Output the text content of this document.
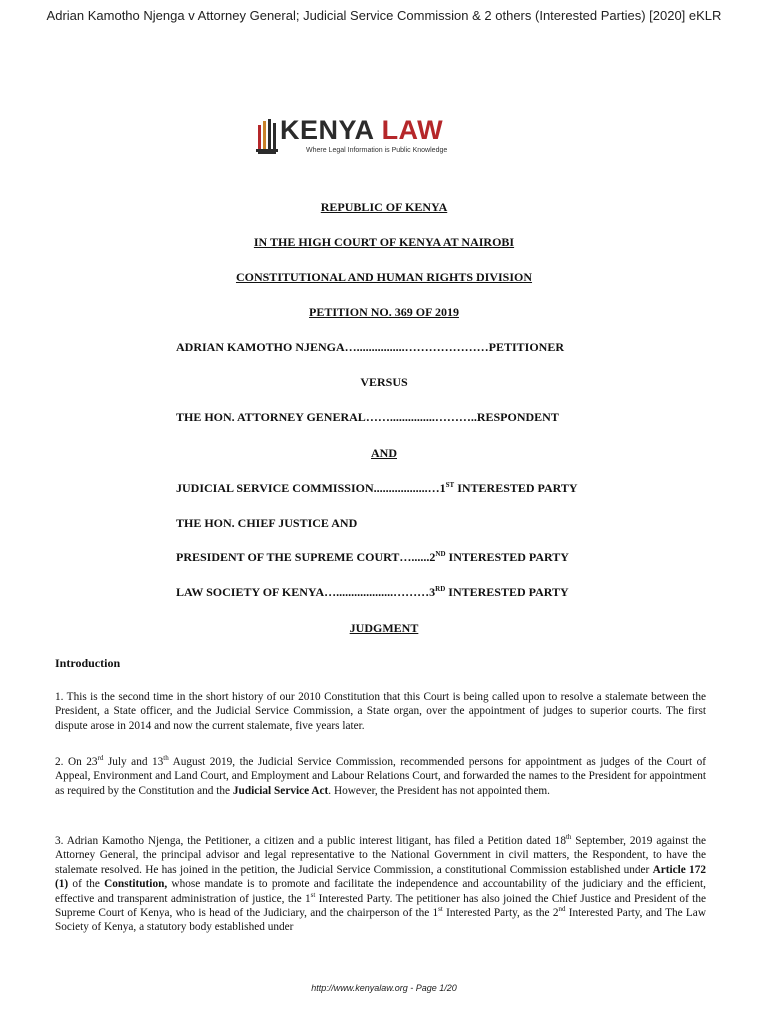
Adrian Kamotho Njenga v Attorney General; Judicial Service Commission & 2 others (Interested Parties) [2020] eKLR
KENYA LAW
Where Legal Information is Public Knowledge
REPUBLIC OF KENYA
IN THE HIGH COURT OF KENYA AT NAIROBI
CONSTITUTIONAL AND HUMAN RIGHTS DIVISION
PETITION NO. 369 OF 2019
ADRIAN KAMOTHO NJENGA…................…………………PETITIONER
VERSUS
THE HON. ATTORNEY GENERAL……...............………..RESPONDENT
AND
JUDICIAL SERVICE COMMISSION..................…1ST INTERESTED PARTY
THE HON. CHIEF JUSTICE AND
PRESIDENT OF THE SUPREME COURT…......2ND INTERESTED PARTY
LAW SOCIETY OF KENYA…...................………3RD INTERESTED PARTY
JUDGMENT
Introduction

1. This is the second time in the short history of our 2010 Constitution that this Court is being called upon to resolve a stalemate between the President, a State officer, and the Judicial Service Commission, a State organ, over the appointment of judges to superior courts. The first dispute arose in 2014 and now the current stalemate, five years later.

2. On 23rd July and 13th August 2019, the Judicial Service Commission, recommended persons for appointment as judges of the Court of Appeal, Environment and Land Court, and Employment and Labour Relations Court, and forwarded the names to the President for appointment as required by the Constitution and the Judicial Service Act. However, the President has not appointed them.

3. Adrian Kamotho Njenga, the Petitioner, a citizen and a public interest litigant, has filed a Petition dated 18th September, 2019 against the Attorney General, the principal advisor and legal representative to the National Government in civil matters, the Respondent, to have the stalemate resolved. He has joined in the petition, the Judicial Service Commission, a constitutional Commission established under Article 172 (1) of the Constitution, whose mandate is to promote and facilitate the independence and accountability of the judiciary and the efficient, effective and transparent administration of justice, the 1st Interested Party. The petitioner has also joined the Chief Justice and President of the Supreme Court of Kenya, who is head of the Judiciary, and the chairperson of the 1st Interested Party, as the 2nd Interested Party, and The Law Society of Kenya, a statutory body established under

http://www.kenyalaw.org - Page 1/20
